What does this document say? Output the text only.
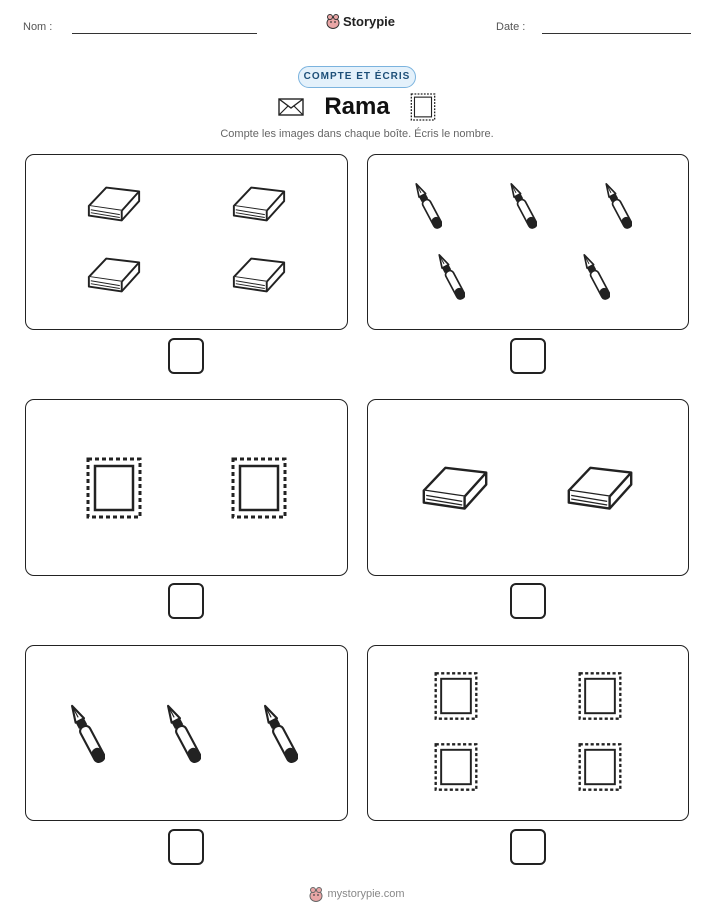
Nom :	Storypie	Date :
COMPTE ET ÉCRIS
Rama
Compte les images dans chaque boîte. Écris le nombre.
mystorypie.com
